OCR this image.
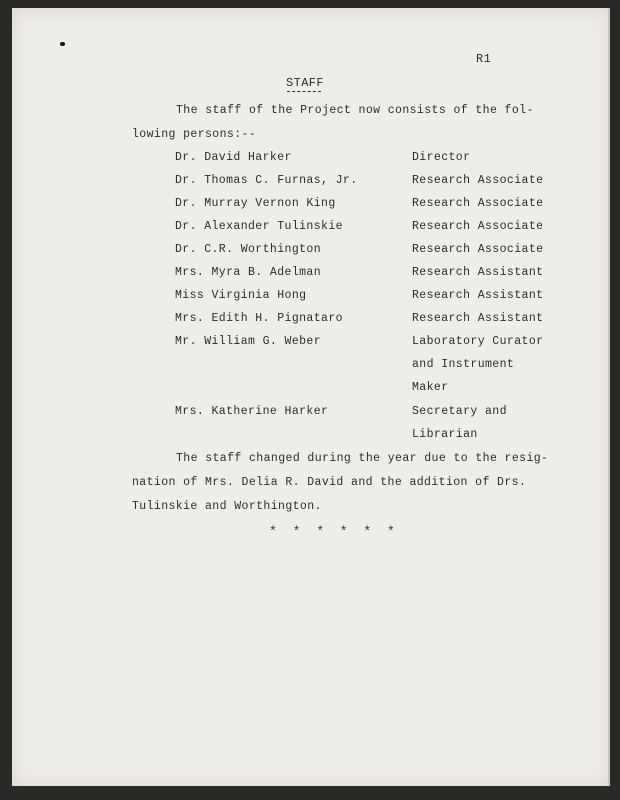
R1

STAFF

The staff of the Project now consists of the fol-

lowing persons:--

Dr. David Harker	Director

Dr. Thomas C. Furnas, Jr.	Research Associate

Dr. Murray Vernon King	Research Associate

Dr. Alexander Tulinskie	Research Associate

Dr. C.R. Worthington	Research Associate

Mrs. Myra B. Adelman	Research Assistant

Miss Virginia Hong	Research Assistant

Mrs. Edith H. Pignataro	Research Assistant

Mr. William G. Weber	Laboratory Curator

and Instrument

Maker

Mrs. Katherine Harker	Secretary and

Librarian

The staff changed during the year due to the resig-

nation of Mrs. Delia R. David and the addition of Drs.

Tulinskie and Worthington.

* * * * * *
